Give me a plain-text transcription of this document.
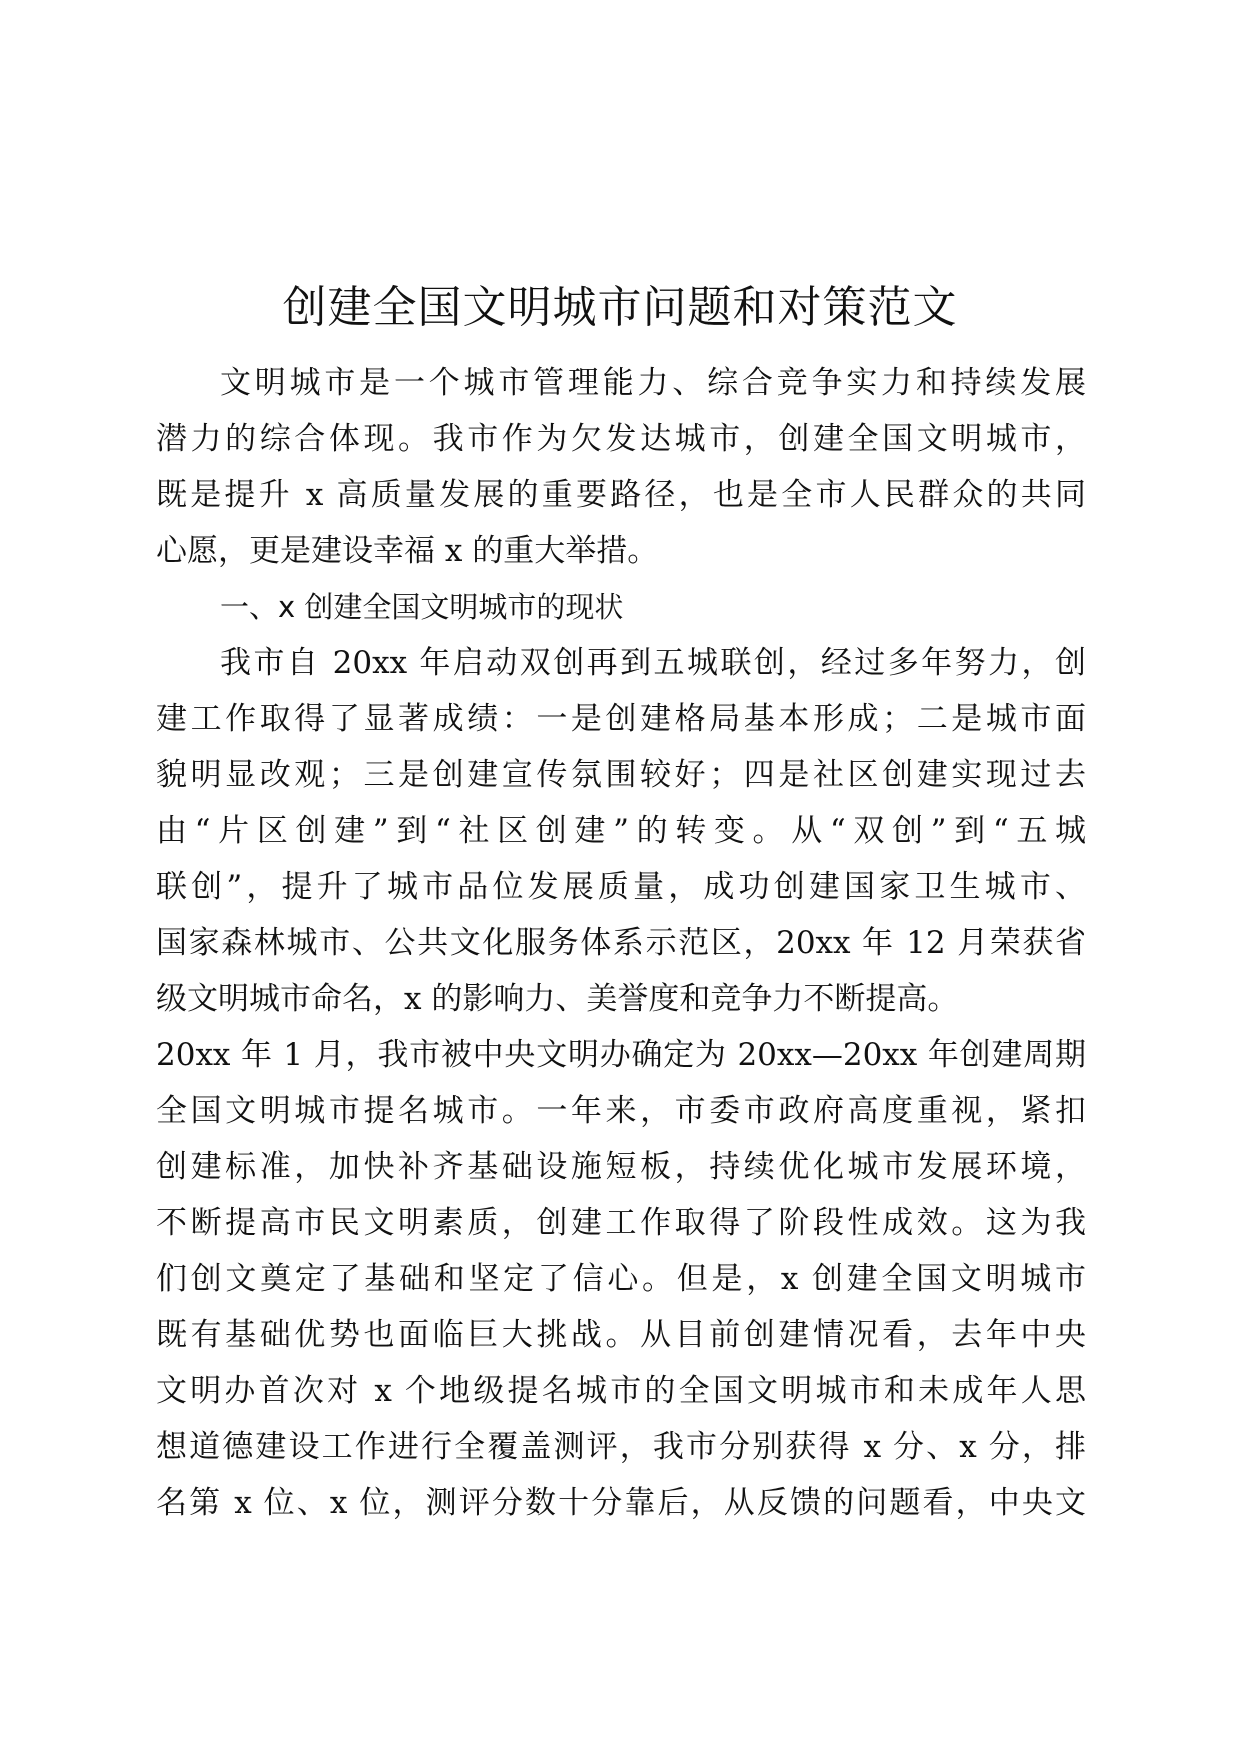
创建全国文明城市问题和对策范文
文明城市是一个城市管理能力、综合竞争实力和持续发展
潜力的综合体现。我市作为欠发达城市，创建全国文明城市，
既是提升 x 高质量发展的重要路径，也是全市人民群众的共同
心愿，更是建设幸福 x 的重大举措。
一、x 创建全国文明城市的现状
我市自 20xx 年启动双创再到五城联创，经过多年努力，创
建工作取得了显著成绩：一是创建格局基本形成；二是城市面
貌明显改观；三是创建宣传氛围较好；四是社区创建实现过去
由“片区创建”到“社区创建”的转变。从“双创”到“五城
联创”，提升了城市品位发展质量，成功创建国家卫生城市、
国家森林城市、公共文化服务体系示范区，20xx 年 12 月荣获省
级文明城市命名，x 的影响力、美誉度和竞争力不断提高。
20xx 年 1 月，我市被中央文明办确定为 20xx—20xx 年创建周期
全国文明城市提名城市。一年来，市委市政府高度重视，紧扣
创建标准，加快补齐基础设施短板，持续优化城市发展环境，
不断提高市民文明素质，创建工作取得了阶段性成效。这为我
们创文奠定了基础和坚定了信心。但是，x 创建全国文明城市
既有基础优势也面临巨大挑战。从目前创建情况看，去年中央
文明办首次对 x 个地级提名城市的全国文明城市和未成年人思
想道德建设工作进行全覆盖测评，我市分别获得 x 分、x 分，排
名第 x 位、x 位，测评分数十分靠后，从反馈的问题看，中央文
